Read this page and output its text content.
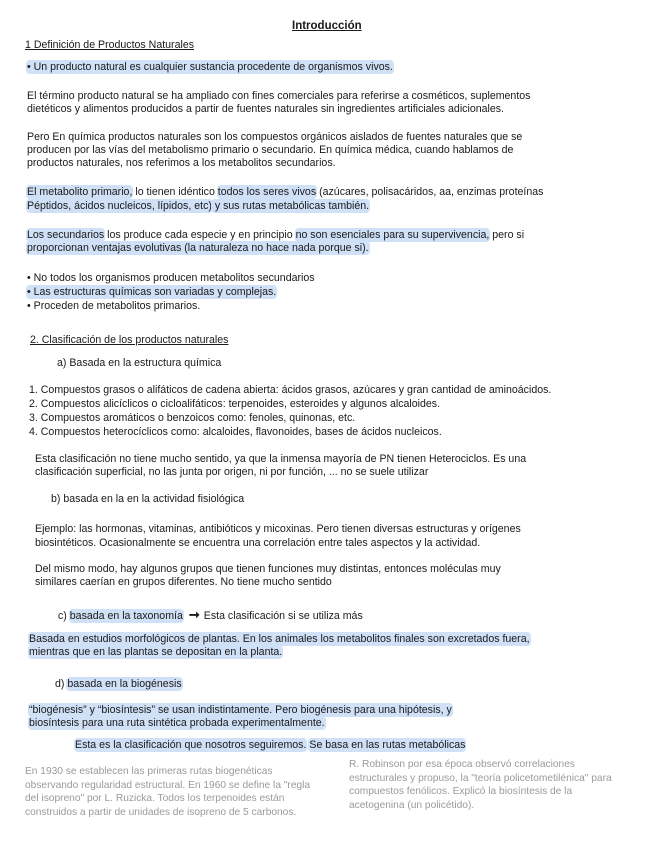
Introducción
1 Definición de Productos Naturales
• Un producto natural es cualquier sustancia procedente de organismos vivos.
El término producto natural se ha ampliado con fines comerciales para referirse a cosméticos, suplementos
dietéticos y alimentos producidos a partir de fuentes naturales sin ingredientes artificiales adicionales.
Pero En química productos naturales son los compuestos orgánicos aislados de fuentes naturales que se
producen por las vías del metabolismo primario o secundario. En química médica, cuando hablamos de
productos naturales, nos referimos a los metabolitos secundarios.
El metabolito primario, lo tienen idéntico todos los seres vivos (azúcares, polisacáridos, aa, enzimas proteínas
Péptidos, ácidos nucleicos, lípidos, etc) y sus rutas metabólicas también.
Los secundarios los produce cada especie y en principio no son esenciales para su supervivencia, pero si
proporcionan ventajas evolutivas (la naturaleza no hace nada porque si).
• No todos los organismos producen metabolitos secundarios
• Las estructuras químicas son variadas y complejas.
• Proceden de metabolitos primarios.
2. Clasificación de los productos naturales
a) Basada en la estructura química
1. Compuestos grasos o alifáticos de cadena abierta: ácidos grasos, azúcares y gran cantidad de aminoácidos.
2. Compuestos alicíclicos o cicloalifáticos: terpenoides, esteroides y algunos alcaloides.
3. Compuestos aromáticos o benzoicos como: fenoles, quinonas, etc.
4. Compuestos heterocíclicos como: alcaloides, flavonoides, bases de ácidos nucleicos.
Esta clasificación no tiene mucho sentido, ya que la inmensa mayoría de PN tienen Heterociclos. Es una
clasificación superficial, no las junta por origen, ni por función, ... no se suele utilizar
b) basada en la en la actividad fisiológica
Ejemplo: las hormonas, vitaminas, antibióticos y micoxinas. Pero tienen diversas estructuras y orígenes
biosintéticos. Ocasionalmente se encuentra una correlación entre tales aspectos y la actividad.
Del mismo modo, hay algunos grupos que tienen funciones muy distintas, entonces moléculas muy
similares caerían en grupos diferentes. No tiene mucho sentido
c) basada en la taxonomía ➞ Esta clasificación si se utiliza más
Basada en estudios morfológicos de plantas. En los animales los metabolitos finales son excretados fuera,
mientras que en las plantas se depositan en la planta.
d) basada en la biogénesis
“biogénesis” y “biosíntesis” se usan indistintamente. Pero biogénesis para una hipótesis, y
biosíntesis para una ruta sintética probada experimentalmente.
Esta es la clasificación que nosotros seguiremos. Se basa en las rutas metabólicas
En 1930 se establecen las primeras rutas biogenéticas observando regularidad estructural. En 1960 se define la "regla del isopreno" por L. Ruzicka. Todos los terpenoides están construidos a partir de unidades de isopreno de 5 carbonos.
R. Robinson por esa época observó correlaciones estructurales y propuso, la "teoría policetometilénica" para compuestos fenólicos. Explicó la biosíntesis de la acetogenina (un policétido).
